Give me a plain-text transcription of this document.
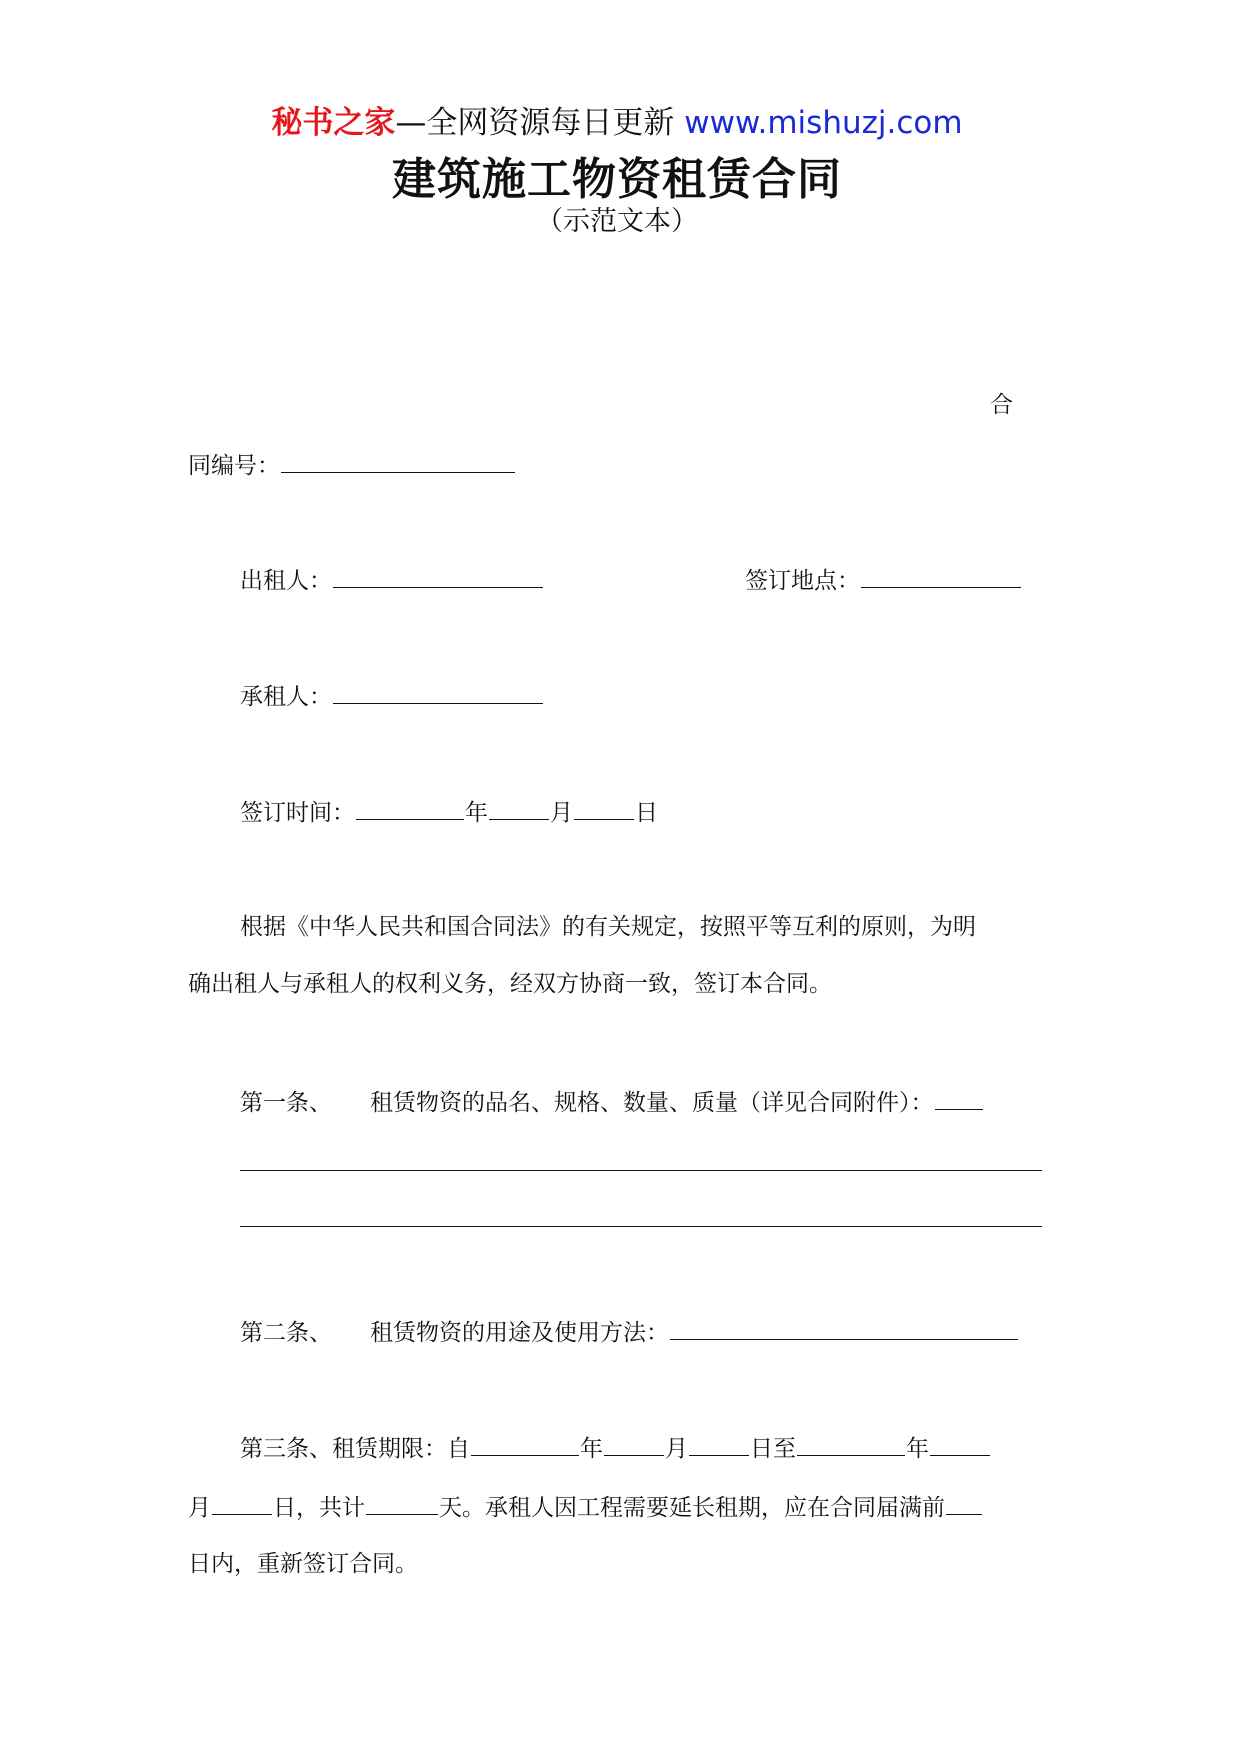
秘书之家—全网资源每日更新 www.mishuzj.com
建筑施工物资租赁合同
（示范文本）
合
同编号：
出租人：	签订地点：
承租人：
签订时间：	年	月	日
根据《中华人民共和国合同法》的有关规定，按照平等互利的原则，为明
确出租人与承租人的权利义务，经双方协商一致，签订本合同。
第一条、 租赁物资的品名、规格、数量、质量（详见合同附件）：
第二条、 租赁物资的用途及使用方法：
第三条、租赁期限：自	年	月	日至	年
月	日，共计	天。承租人因工程需要延长租期，应在合同届满前
日内，重新签订合同。
